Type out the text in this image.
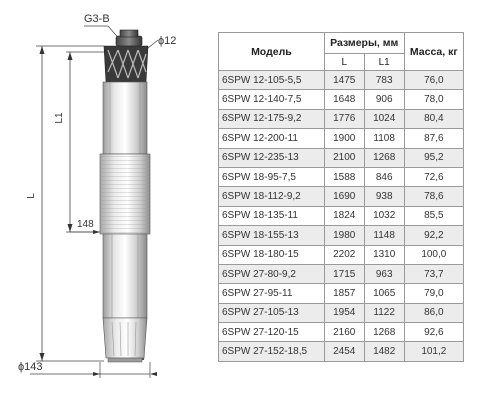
L
L1
148
G3-B
ϕ12
ϕ143
Модель	Размеры, мм		Масса, кг
	L	L1	
6SPW 12-105-5,5	1475	783	76,0
6SPW 12-140-7,5	1648	906	78,0
6SPW 12-175-9,2	1776	1024	80,4
6SPW 12-200-11	1900	1108	87,6
6SPW 12-235-13	2100	1268	95,2
6SPW 18-95-7,5	1588	846	72,6
6SPW 18-112-9,2	1690	938	78,6
6SPW 18-135-11	1824	1032	85,5
6SPW 18-155-13	1980	1148	92,2
6SPW 18-180-15	2202	1310	100,0
6SPW 27-80-9,2	1715	963	73,7
6SPW 27-95-11	1857	1065	79,0
6SPW 27-105-13	1954	1122	86,0
6SPW 27-120-15	2160	1268	92,6
6SPW 27-152-18,5	2454	1482	101,2
